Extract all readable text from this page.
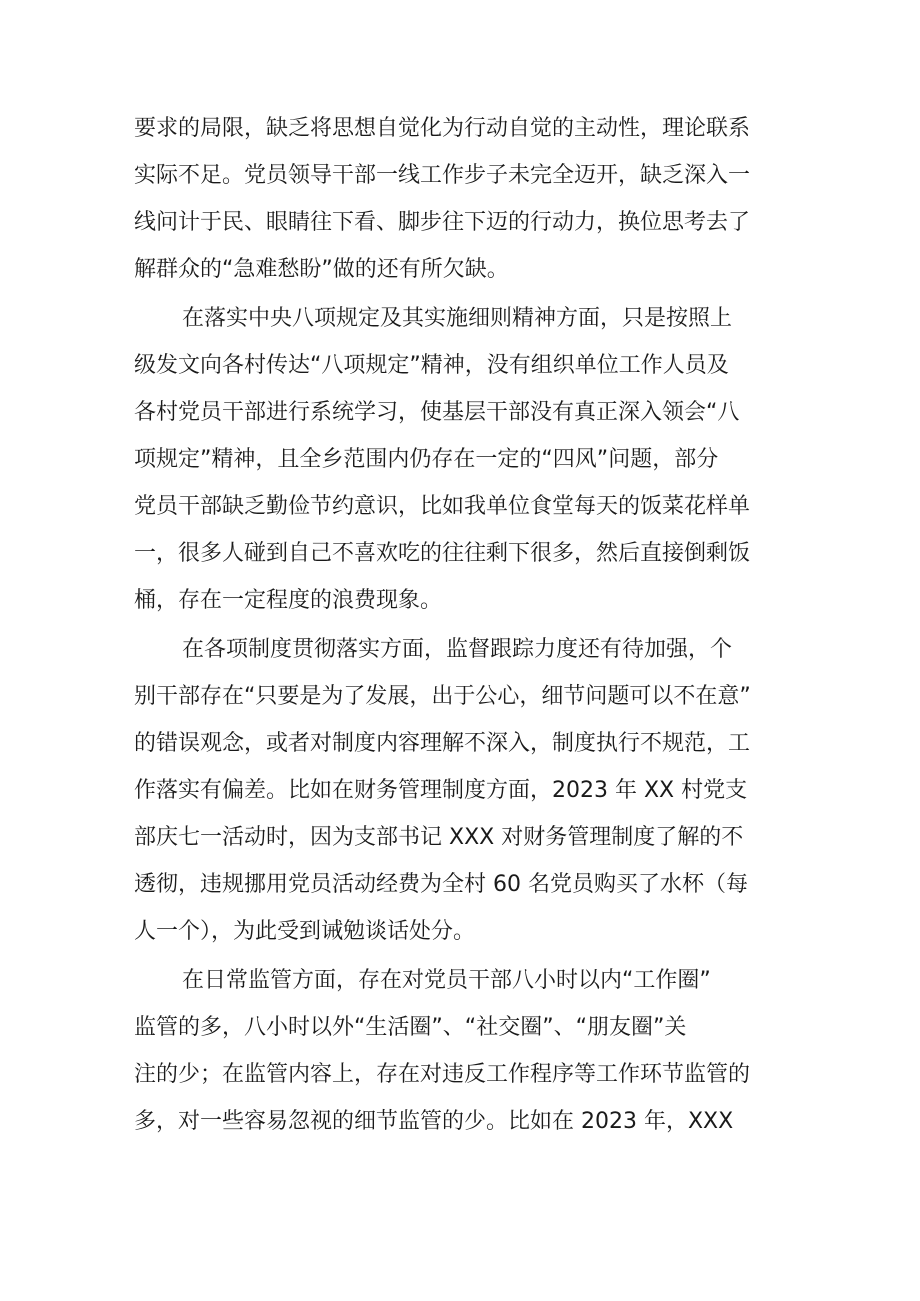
要求的局限，缺乏将思想自觉化为行动自觉的主动性，理论联系
实际不足。党员领导干部一线工作步子未完全迈开，缺乏深入一
线问计于民、眼睛往下看、脚步往下迈的行动力，换位思考去了
解群众的“急难愁盼”做的还有所欠缺。
在落实中央八项规定及其实施细则精神方面，只是按照上
级发文向各村传达“八项规定”精神，没有组织单位工作人员及
各村党员干部进行系统学习，使基层干部没有真正深入领会“八
项规定”精神，且全乡范围内仍存在一定的“四风”问题，部分
党员干部缺乏勤俭节约意识，比如我单位食堂每天的饭菜花样单
一，很多人碰到自己不喜欢吃的往往剩下很多，然后直接倒剩饭
桶，存在一定程度的浪费现象。
在各项制度贯彻落实方面，监督跟踪力度还有待加强，个
别干部存在“只要是为了发展，出于公心，细节问题可以不在意”
的错误观念，或者对制度内容理解不深入，制度执行不规范，工
作落实有偏差。比如在财务管理制度方面，2023 年 XX 村党支
部庆七一活动时，因为支部书记 XXX 对财务管理制度了解的不
透彻，违规挪用党员活动经费为全村 60 名党员购买了水杯（每
人一个），为此受到诫勉谈话处分。
在日常监管方面，存在对党员干部八小时以内“工作圈”
监管的多，八小时以外“生活圈”、“社交圈”、“朋友圈”关
注的少；在监管内容上，存在对违反工作程序等工作环节监管的
多，对一些容易忽视的细节监管的少。比如在 2023 年，XXX
